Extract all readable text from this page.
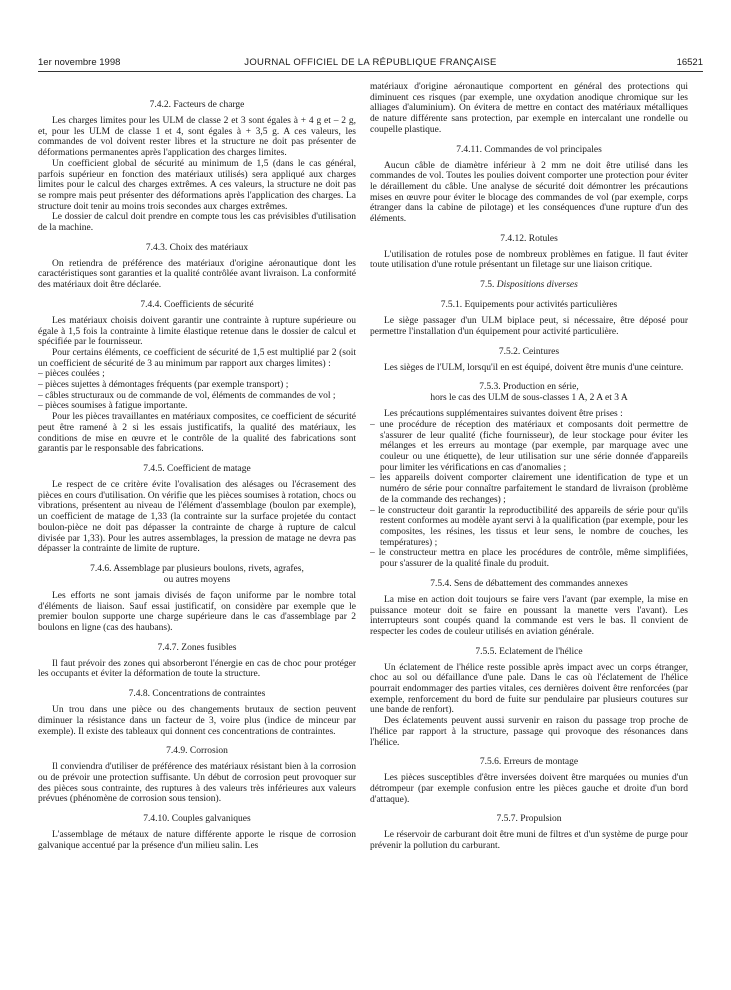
1er novembre 1998	JOURNAL OFFICIEL DE LA RÉPUBLIQUE FRANÇAISE	16521
7.4.2. Facteurs de charge

Les charges limites pour les ULM de classe 2 et 3 sont égales à + 4 g et – 2 g, et, pour les ULM de classe 1 et 4, sont égales à + 3,5 g. A ces valeurs, les commandes de vol doivent rester libres et la structure ne doit pas présenter de déformations permanentes après l'application des charges limites.

Un coefficient global de sécurité au minimum de 1,5 (dans le cas général, parfois supérieur en fonction des matériaux utilisés) sera appliqué aux charges limites pour le calcul des charges extrêmes. A ces valeurs, la structure ne doit pas se rompre mais peut présenter des déformations après l'application des charges. La structure doit tenir au moins trois secondes aux charges extrêmes.

Le dossier de calcul doit prendre en compte tous les cas prévisibles d'utilisation de la machine.

7.4.3. Choix des matériaux

On retiendra de préférence des matériaux d'origine aéronautique dont les caractéristiques sont garanties et la qualité contrôlée avant livraison. La conformité des matériaux doit être déclarée.

7.4.4. Coefficients de sécurité

Les matériaux choisis doivent garantir une contrainte à rupture supérieure ou égale à 1,5 fois la contrainte à limite élastique retenue dans le dossier de calcul et spécifiée par le fournisseur.

Pour certains éléments, ce coefficient de sécurité de 1,5 est multiplié par 2 (soit un coefficient de sécurité de 3 au minimum par rapport aux charges limites) :

– pièces coulées ;
– pièces sujettes à démontages fréquents (par exemple transport) ;
– câbles structuraux ou de commande de vol, éléments de commandes de vol ;
– pièces soumises à fatigue importante.

Pour les pièces travaillantes en matériaux composites, ce coefficient de sécurité peut être ramené à 2 si les essais justificatifs, la qualité des matériaux, les conditions de mise en œuvre et le contrôle de la qualité des fabrications sont garantis par le responsable des fabrications.

7.4.5. Coefficient de matage

Le respect de ce critère évite l'ovalisation des alésages ou l'écrasement des pièces en cours d'utilisation. On vérifie que les pièces soumises à rotation, chocs ou vibrations, présentent au niveau de l'élément d'assemblage (boulon par exemple), un coefficient de matage de 1,33 (la contrainte sur la surface projetée du contact boulon-pièce ne doit pas dépasser la contrainte de charge à rupture de calcul divisée par 1,33). Pour les autres assemblages, la pression de matage ne devra pas dépasser la contrainte de limite de rupture.

7.4.6. Assemblage par plusieurs boulons, rivets, agrafes,
ou autres moyens

Les efforts ne sont jamais divisés de façon uniforme par le nombre total d'éléments de liaison. Sauf essai justificatif, on considère par exemple que le premier boulon supporte une charge supérieure dans le cas d'assemblage par 2 boulons en ligne (cas des haubans).

7.4.7. Zones fusibles

Il faut prévoir des zones qui absorberont l'énergie en cas de choc pour protéger les occupants et éviter la déformation de toute la structure.

7.4.8. Concentrations de contraintes

Un trou dans une pièce ou des changements brutaux de section peuvent diminuer la résistance dans un facteur de 3, voire plus (indice de minceur par exemple). Il existe des tableaux qui donnent ces concentrations de contraintes.

7.4.9. Corrosion

Il conviendra d'utiliser de préférence des matériaux résistant bien à la corrosion ou de prévoir une protection suffisante. Un début de corrosion peut provoquer sur des pièces sous contrainte, des ruptures à des valeurs très inférieures aux valeurs prévues (phénomène de corrosion sous tension).

7.4.10. Couples galvaniques

L'assemblage de métaux de nature différente apporte le risque de corrosion galvanique accentué par la présence d'un milieu salin. Les

matériaux d'origine aéronautique comportent en général des protections qui diminuent ces risques (par exemple, une oxydation anodique chromique sur les alliages d'aluminium). On évitera de mettre en contact des matériaux métalliques de nature différente sans protection, par exemple en intercalant une rondelle ou coupelle plastique.

7.4.11. Commandes de vol principales

Aucun câble de diamètre inférieur à 2 mm ne doit être utilisé dans les commandes de vol. Toutes les poulies doivent comporter une protection pour éviter le déraillement du câble. Une analyse de sécurité doit démontrer les précautions mises en œuvre pour éviter le blocage des commandes de vol (par exemple, corps étranger dans la cabine de pilotage) et les conséquences d'une rupture d'un des éléments.

7.4.12. Rotules

L'utilisation de rotules pose de nombreux problèmes en fatigue. Il faut éviter toute utilisation d'une rotule présentant un filetage sur une liaison critique.

7.5. Dispositions diverses
7.5.1. Equipements pour activités particulières

Le siège passager d'un ULM biplace peut, si nécessaire, être déposé pour permettre l'installation d'un équipement pour activité particulière.

7.5.2. Ceintures

Les sièges de l'ULM, lorsqu'il en est équipé, doivent être munis d'une ceinture.

7.5.3. Production en série,
hors le cas des ULM de sous-classes 1 A, 2 A et 3 A

Les précautions supplémentaires suivantes doivent être prises :

– une procédure de réception des matériaux et composants doit permettre de s'assurer de leur qualité (fiche fournisseur), de leur stockage pour éviter les mélanges et les erreurs au montage (par exemple, par marquage avec une couleur ou une étiquette), de leur utilisation sur une série donnée d'appareils pour limiter les vérifications en cas d'anomalies ;
– les appareils doivent comporter clairement une identification de type et un numéro de série pour connaître parfaitement le standard de livraison (problème de la commande des rechanges) ;
– le constructeur doit garantir la reproductibilité des appareils de série pour qu'ils restent conformes au modèle ayant servi à la qualification (par exemple, pour les composites, les résines, les tissus et leur sens, le nombre de couches, les températures) ;
– le constructeur mettra en place les procédures de contrôle, même simplifiées, pour s'assurer de la qualité finale du produit.
7.5.4. Sens de débattement des commandes annexes

La mise en action doit toujours se faire vers l'avant (par exemple, la mise en puissance moteur doit se faire en poussant la manette vers l'avant). Les interrupteurs sont coupés quand la commande est vers le bas. Il convient de respecter les codes de couleur utilisés en aviation générale.

7.5.5. Eclatement de l'hélice

Un éclatement de l'hélice reste possible après impact avec un corps étranger, choc au sol ou défaillance d'une pale. Dans le cas où l'éclatement de l'hélice pourrait endommager des parties vitales, ces dernières doivent être renforcées (par exemple, renforcement du bord de fuite sur pendulaire par plusieurs coutures sur une bande de renfort).

Des éclatements peuvent aussi survenir en raison du passage trop proche de l'hélice par rapport à la structure, passage qui provoque des résonances dans l'hélice.

7.5.6. Erreurs de montage

Les pièces susceptibles d'être inversées doivent être marquées ou munies d'un détrompeur (par exemple confusion entre les pièces gauche et droite d'un bord d'attaque).

7.5.7. Propulsion

Le réservoir de carburant doit être muni de filtres et d'un système de purge pour prévenir la pollution du carburant.
